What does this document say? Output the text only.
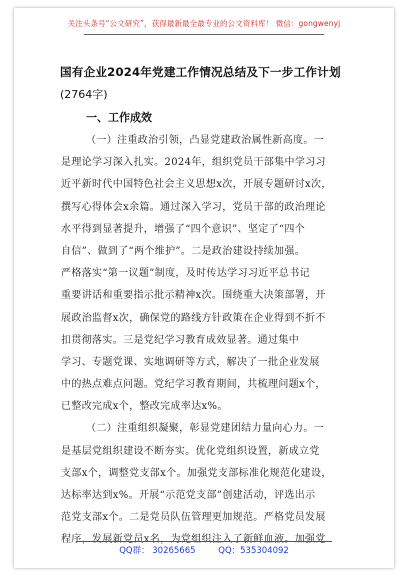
关注头条号“公文研究”，获得最新最全最专业的公文资料库！ 微信：gongwenyj
国有企业2024年党建工作情况总结及下一步工作计划
(2764字)
一、工作成效
（一）注重政治引领，凸显党建政治属性新高度。一
是理论学习深入扎实。2024年，组织党员干部集中学习习
近平新时代中国特色社会主义思想x次，开展专题研讨x次，
撰写心得体会x余篇。通过深入学习，党员干部的政治理论
水平得到显著提升，增强了“四个意识”、坚定了“四个
自信”、做到了“两个维护”。二是政治建设持续加强。
严格落实“第一议题”制度，及时传达学习习近平总书记
重要讲话和重要指示批示精神x次。围绕重大决策部署，开
展政治监督x次，确保党的路线方针政策在企业得到不折不
扣贯彻落实。三是党纪学习教育成效显著。通过集中
学习、专题党课、实地调研等方式，解决了一批企业发展
中的热点难点问题。党纪学习教育期间，共梳理问题x个，
已整改完成x个，整改完成率达x%。
（二）注重组织凝聚，彰显党建团结力量向心力。一
是基层党组织建设不断夯实。优化党组织设置，新成立党
支部x个，调整党支部x个。加强党支部标准化规范化建设，
达标率达到x%。开展“示范党支部”创建活动，评选出示
范党支部x个。二是党员队伍管理更加规范。严格党员发展
程序，发展新党员x名，为党组织注入了新鲜血液。加强党
QQ群： 30265665	QQ：535304092
